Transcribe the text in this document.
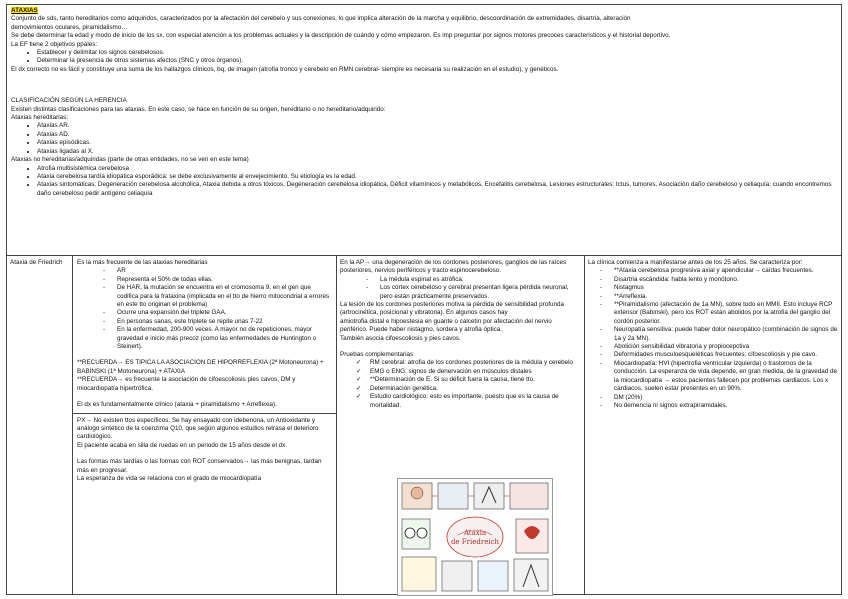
ATAXIAS
Conjunto de sds, tanto hereditarios como adquiridos, caracterizados por la afectación del cerebelo y sus conexiones, lo que implica alteración de la marcha y equilibrio, descoordinación de extremidades, disartria, alteración
demovimientos oculares, piramidalismo…
Se debe determinar la edad y modo de inicio de los sx, con especial atención a los problemas actuales y la descripción de cuándo y cómo empezaron. Es imp preguntar por signos motores precoces característicos y el historial deportivo.
La EF tiene 2 objetivos ppales:
• Establecer y delimitar los signos cerebelosos.
• Determinar la presencia de otros sistemas afectos (SNC y otros órganos).
El dx correcto no es fácil y constituye una suma de los hallazgos clínicos, bq, de imagen (atrofia tronco y cerebelo en RMN cerebral- siempre es necesaria su realización en el estudio), y genéticos.
CLASIFICACIÓN SEGÚN LA HERENCIA
Existen distintas clasificaciones para las ataxias. En este caso, se hace en función de su origen, hereditario o no hereditario/adquirido:
Ataxias hereditarias:
• Ataxias AR.
• Ataxias AD.
• Ataxias episódicas.
• Ataxias ligadas al X.
Ataxias no hereditarias/adquiridas (parte de otras entidades, no se ven en este tema)
• Atrofia multisistémica cerebelosa
• Ataxia cerebelosa tardía idiopática esporádica: se debe exclusivamente al envejecimiento. Su etiología es la edad.
• Ataxias sintomáticas: Degeneración cerebelosa alcohólica, Ataxia debida a otros tóxicos, Degeneración cerebelosa idiopática, Déficit vitamínicos y metabólicos, Encefalitis cerebelosa, Lesiones estructurales: Ictus, tumores, Asociación daño cerebeloso y celiaquía: cuando encontremos daño cerebeloso pedir antígeno celiaquía
Ataxia de Friedrich	Es la más frecuente de las ataxias hereditarias
- AR
- Representa el 50% de todas ellas.
- De HAR, la mutación se encuentra en el cromosoma 9, en el gen que codifica para la frataxina (implicada en el tto de hierro mitocondrial a errores en este tto originan el problema)
- Ocurre una expansión del triplete GAA.
- En personas sanas, este triplete se repite unas 7-22
- En la enfermedad, 200-900 veces. A mayor no de repeticiones, mayor gravedad e inicio más precoz (como las enfermedades de Huntington o Steinert).
**RECUERDA→ ES TIPICA LA ASOCIACION DE HIPORREFLEXIA (2ª Motoneurona) + BABINSKI (1ª Motoneurona) + ATAXIA
**RECUERDA→ es frecuente la asociación de cifoescoliosis pies cavos, DM y miocardiopatía hipertrófica.
El dx es fundamentalmente clínico (ataxia + piramidalismo + Arreflexia).
PX→ No existen ttos específicos. Se hay ensayado con idebenona, un Antioxidante y análogo sintético de la coenzima Q10, que según algunos estudios retrasa el deterioro cardiológico.
El paciente acaba en silla de ruedas en un periodo de 15 años desde el dx.
Las formas más tardías o las formas con ROT conservados→ las más benignas, tardan más en progresar.
La esperanza de vida se relaciona con el grado de miocardiopatía
En la AP→ una degeneración de los cordones posteriores, ganglios de las raíces posteriores, nervios periféricos y tracto espinocerebeloso.
- La médula espinal es atrófica.
- Los córtex cerebeloso y cerebral presentan ligera pérdida neuronal, pero están prácticamente preservados.
La lesión de los cordones posteriores motiva la pérdida de sensibilidad profunda (artrocinética, posicional y vibratoria). En algunos casos hay
amiotrofia distal e hipoestesia en guante o calcetín por afectación del nervio periférico. Puede haber nistagmo, sordera y atrofia óptica.
También asocia cifoescoliosis y pies cavos.
Pruebas complementarias
✓ RM cerebral: atrofia de los cordones posteriores de la médula y cerebelo
✓ EMG o ENG: signos de denervación en músculos distales
✓ **Determinación de E. Si su déficit fuera la causa, tiene tto.
✓ Determinación genética.
✓ Estudio cardiológico: esto es importante, puesto que es la causa de mortalidad.
Ataxia
de Friedreich
La clínica comienza a manifestarse antes de los 25 años. Se caracteriza por:
- **Ataxia cerebelosa progresiva axial y apendicular→ caídas frecuentes.
- Disartria escándida: habla lento y monótono.
- Nistagmus
- **Arreflexia.
- **Piramidalismo (afectación de 1a MN), sobre todo en MMII. Esto incluye RCP extensor (Babinski), pero los ROT están abolidos por la atrofia del ganglio del cordón posterior.
- Neuropatía sensitiva: puede haber dolor neuropático (combinación de signos de 1a y 2a MN).
- Abolición sensibilidad vibratoria y propiocepctiva
- Deformidades musculoesqueléticas frecuentes: cifoescoliosis y pie cavo.
- Miocardiopatía: HVI (hipertrofia ventricular izquierda) o trastornos de la conducción. La esperanza de vida depende, en gran medida, de la gravedad de la miocardiopatía → estos pacientes fallecen por problemas cardiacos. Los x cardiacos, suelen estar presentes en un 90%.
- DM (20%)
- No demencia ni signos extrapiramidales.
